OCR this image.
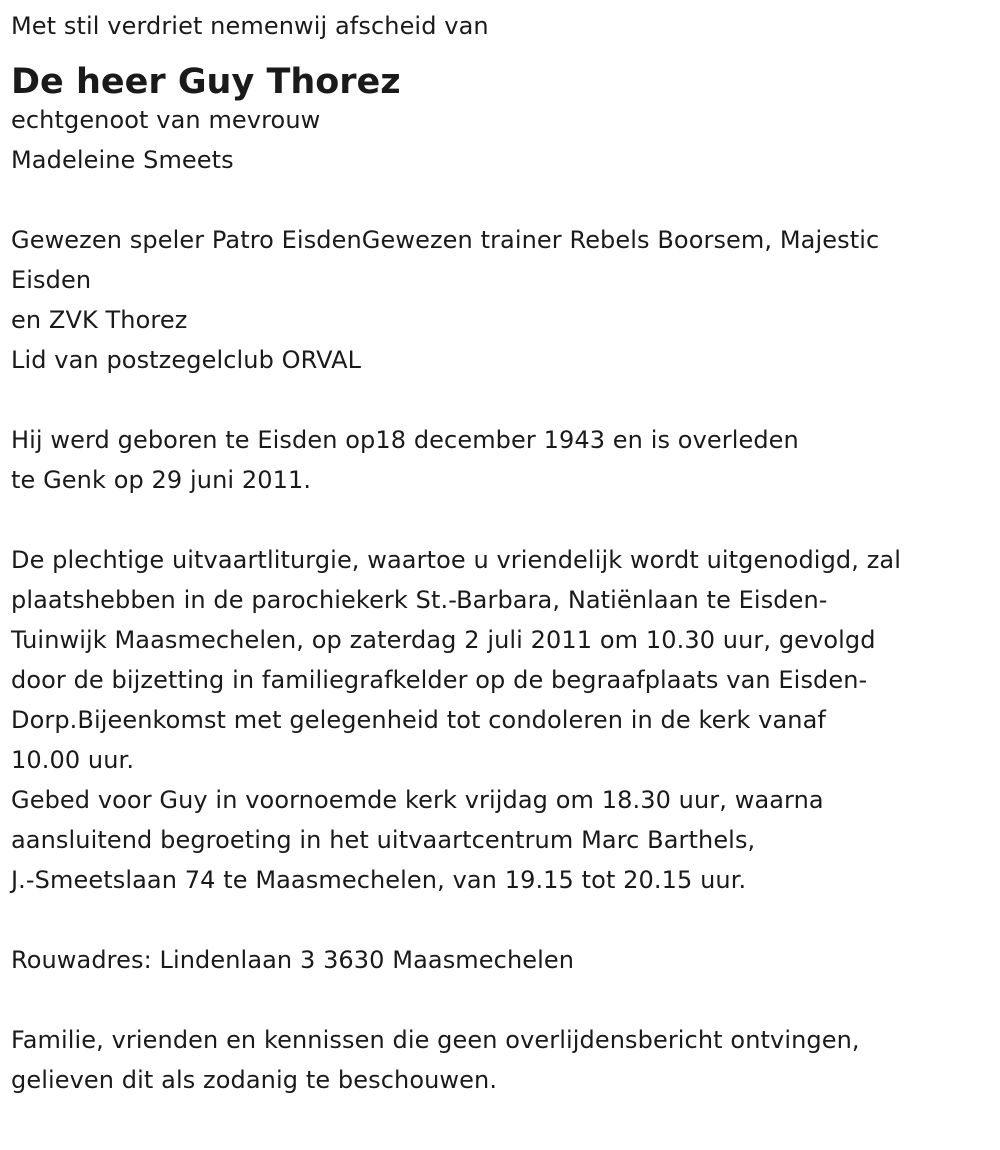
Met stil verdriet nemenwij afscheid van

De heer Guy Thorez

echtgenoot van mevrouw

Madeleine Smeets

Gewezen speler Patro EisdenGewezen trainer Rebels Boorsem, Majestic

Eisden

en ZVK Thorez

Lid van postzegelclub ORVAL

Hij werd geboren te Eisden op18 december 1943 en is overleden

te Genk op 29 juni 2011.

De plechtige uitvaartliturgie, waartoe u vriendelijk wordt uitgenodigd, zal

plaatshebben in de parochiekerk St.-Barbara, Natiënlaan te Eisden-

Tuinwijk Maasmechelen, op zaterdag 2 juli 2011 om 10.30 uur, gevolgd

door de bijzetting in familiegrafkelder op de begraafplaats van Eisden-

Dorp.Bijeenkomst met gelegenheid tot condoleren in de kerk vanaf

10.00 uur.

Gebed voor Guy in voornoemde kerk vrijdag om 18.30 uur, waarna

aansluitend begroeting in het uitvaartcentrum Marc Barthels,

J.-Smeetslaan 74 te Maasmechelen, van 19.15 tot 20.15 uur.

Rouwadres: Lindenlaan 3 3630 Maasmechelen

Familie, vrienden en kennissen die geen overlijdensbericht ontvingen,

gelieven dit als zodanig te beschouwen.
